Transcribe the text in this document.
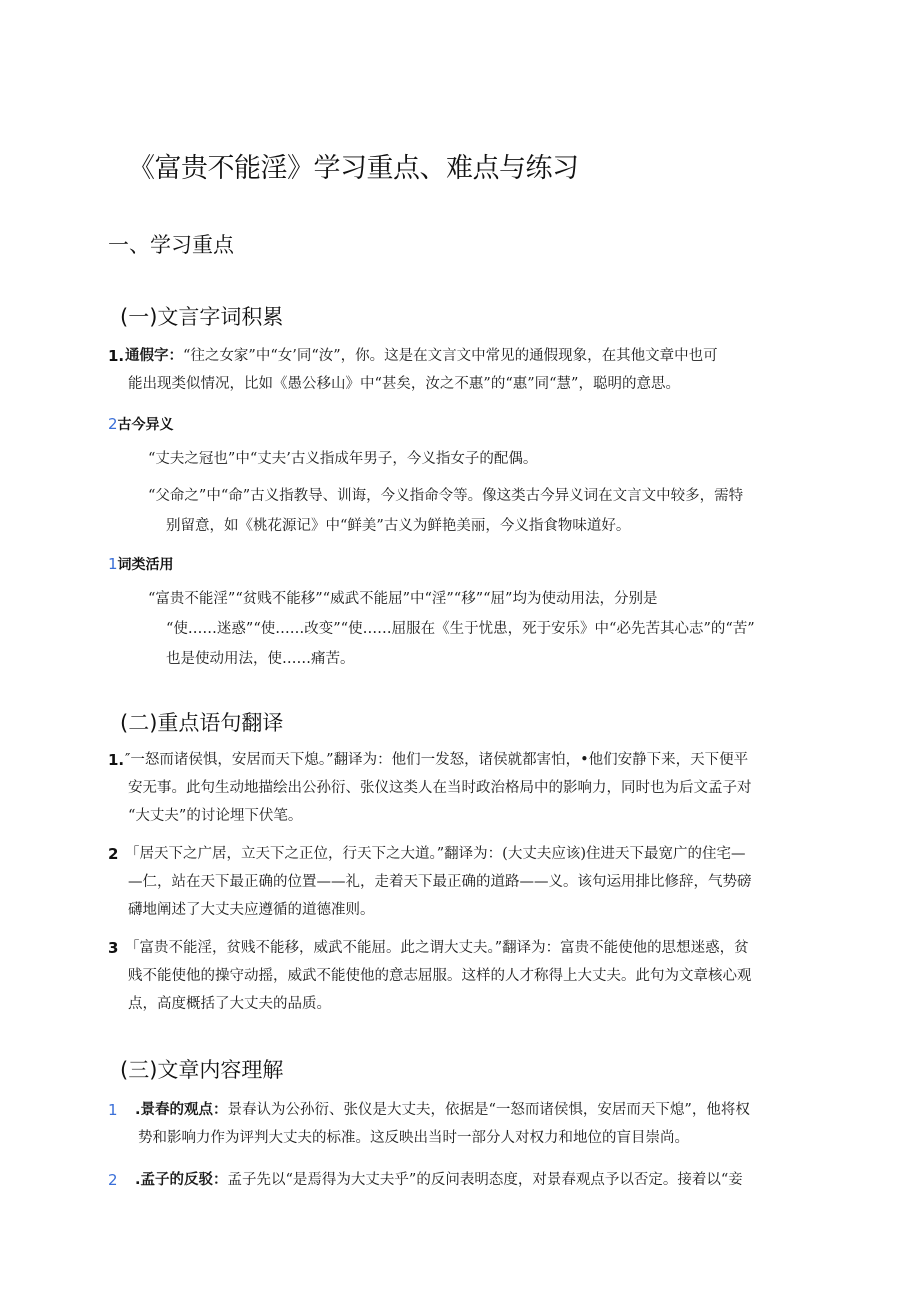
《富贵不能淫》学习重点、难点与练习
一、学习重点
(一)文言字词积累
1. 通假字：“往之女家”中“女’同“汝”，你。这是在文言文中常见的通假现象，在其他文章中也可
能出现类似情况，比如《愚公移山》中“甚矣，汝之不惠”的“惠”同“慧”，聪明的意思。
2古今异义
“丈夫之冠也”中“丈夫’古义指成年男子，今义指女子的配偶。
“父命之”中“命”古义指教导、训诲，今义指命令等。像这类古今异义词在文言文中较多，需特
别留意，如《桃花源记》中“鲜美”古义为鲜艳美丽，今义指食物味道好。
1词类活用
“富贵不能淫”“贫贱不能移”“威武不能屈”中“淫”“移”“屈”均为使动用法，分别是
“使……迷惑”“使……改变”“使……屈服在《生于忧患，死于安乐》中“必先苦其心志”的“苦”
也是使动用法，使……痛苦。
(二)重点语句翻译
1. ″一怒而诸侯惧，安居而天下熄。”翻译为：他们一发怒，诸侯就都害怕，•他们安静下来，天下便平
安无事。此句生动地描绘出公孙衍、张仪这类人在当时政治格局中的影响力，同时也为后文孟子对
“大丈夫”的讨论埋下伏笔。
2 「居天下之广居，立天下之正位，行天下之大道。”翻译为：(大丈夫应该)住进天下最宽广的住宅—
—仁，站在天下最正确的位置——礼，走着天下最正确的道路——义。该句运用排比修辞，气势磅
礴地阐述了大丈夫应遵循的道德准则。
3 「富贵不能淫，贫贱不能移，威武不能屈。此之谓大丈夫。”翻译为：富贵不能使他的思想迷惑，贫
贱不能使他的操守动摇，威武不能使他的意志屈服。这样的人才称得上大丈夫。此句为文章核心观
点，高度概括了大丈夫的品质。
(三)文章内容理解
1	.景春的观点：景春认为公孙衍、张仪是大丈夫，依据是“一怒而诸侯惧，安居而天下熄”，他将权
势和影响力作为评判大丈夫的标准。这反映出当时一部分人对权力和地位的盲目崇尚。
2	.孟子的反驳：孟子先以“是焉得为大丈夫乎”的反问表明态度，对景春观点予以否定。接着以“妾
